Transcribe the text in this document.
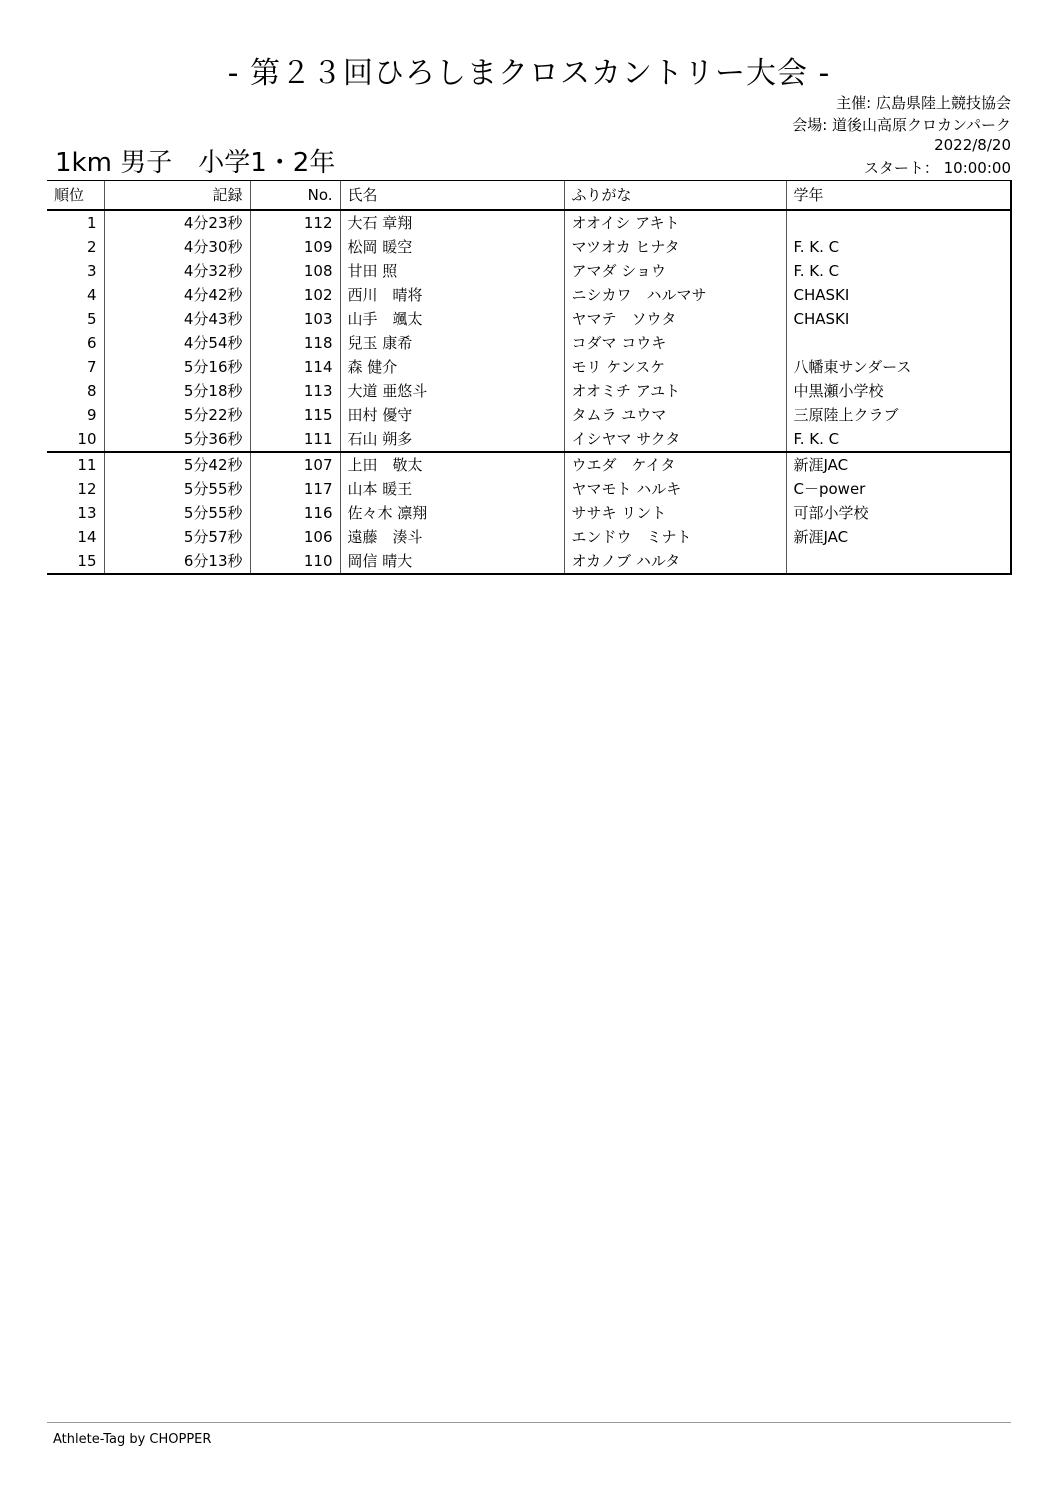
- 第２３回ひろしまクロスカントリー大会 -
主催: 広島県陸上競技協会
会場: 道後山高原クロカンパーク
2022/8/20
スタート： 10:00:00
1km 男子　小学1・2年
順位	記録	No.	氏名	ふりがな	学年
1	4分23秒	112	大石 章翔	オオイシ アキト	
2	4分30秒	109	松岡 暖空	マツオカ ヒナタ	F. K. C
3	4分32秒	108	甘田 照	アマダ ショウ	F. K. C
4	4分42秒	102	西川　晴将	ニシカワ　ハルマサ	CHASKI
5	4分43秒	103	山手　颯太	ヤマテ　ソウタ	CHASKI
6	4分54秒	118	兒玉 康希	コダマ コウキ	
7	5分16秒	114	森 健介	モリ ケンスケ	八幡東サンダース
8	5分18秒	113	大道 亜悠斗	オオミチ アユト	中黒瀬小学校
9	5分22秒	115	田村 優守	タムラ ユウマ	三原陸上クラブ
10	5分36秒	111	石山 朔多	イシヤマ サクタ	F. K. C
11	5分42秒	107	上田　敬太	ウエダ　ケイタ	新涯JAC
12	5分55秒	117	山本 暖王	ヤマモト ハルキ	C－power
13	5分55秒	116	佐々木 凛翔	ササキ リント	可部小学校
14	5分57秒	106	遠藤　湊斗	エンドウ　ミナト	新涯JAC
15	6分13秒	110	岡信 晴大	オカノブ ハルタ	
Athlete-Tag by CHOPPER
